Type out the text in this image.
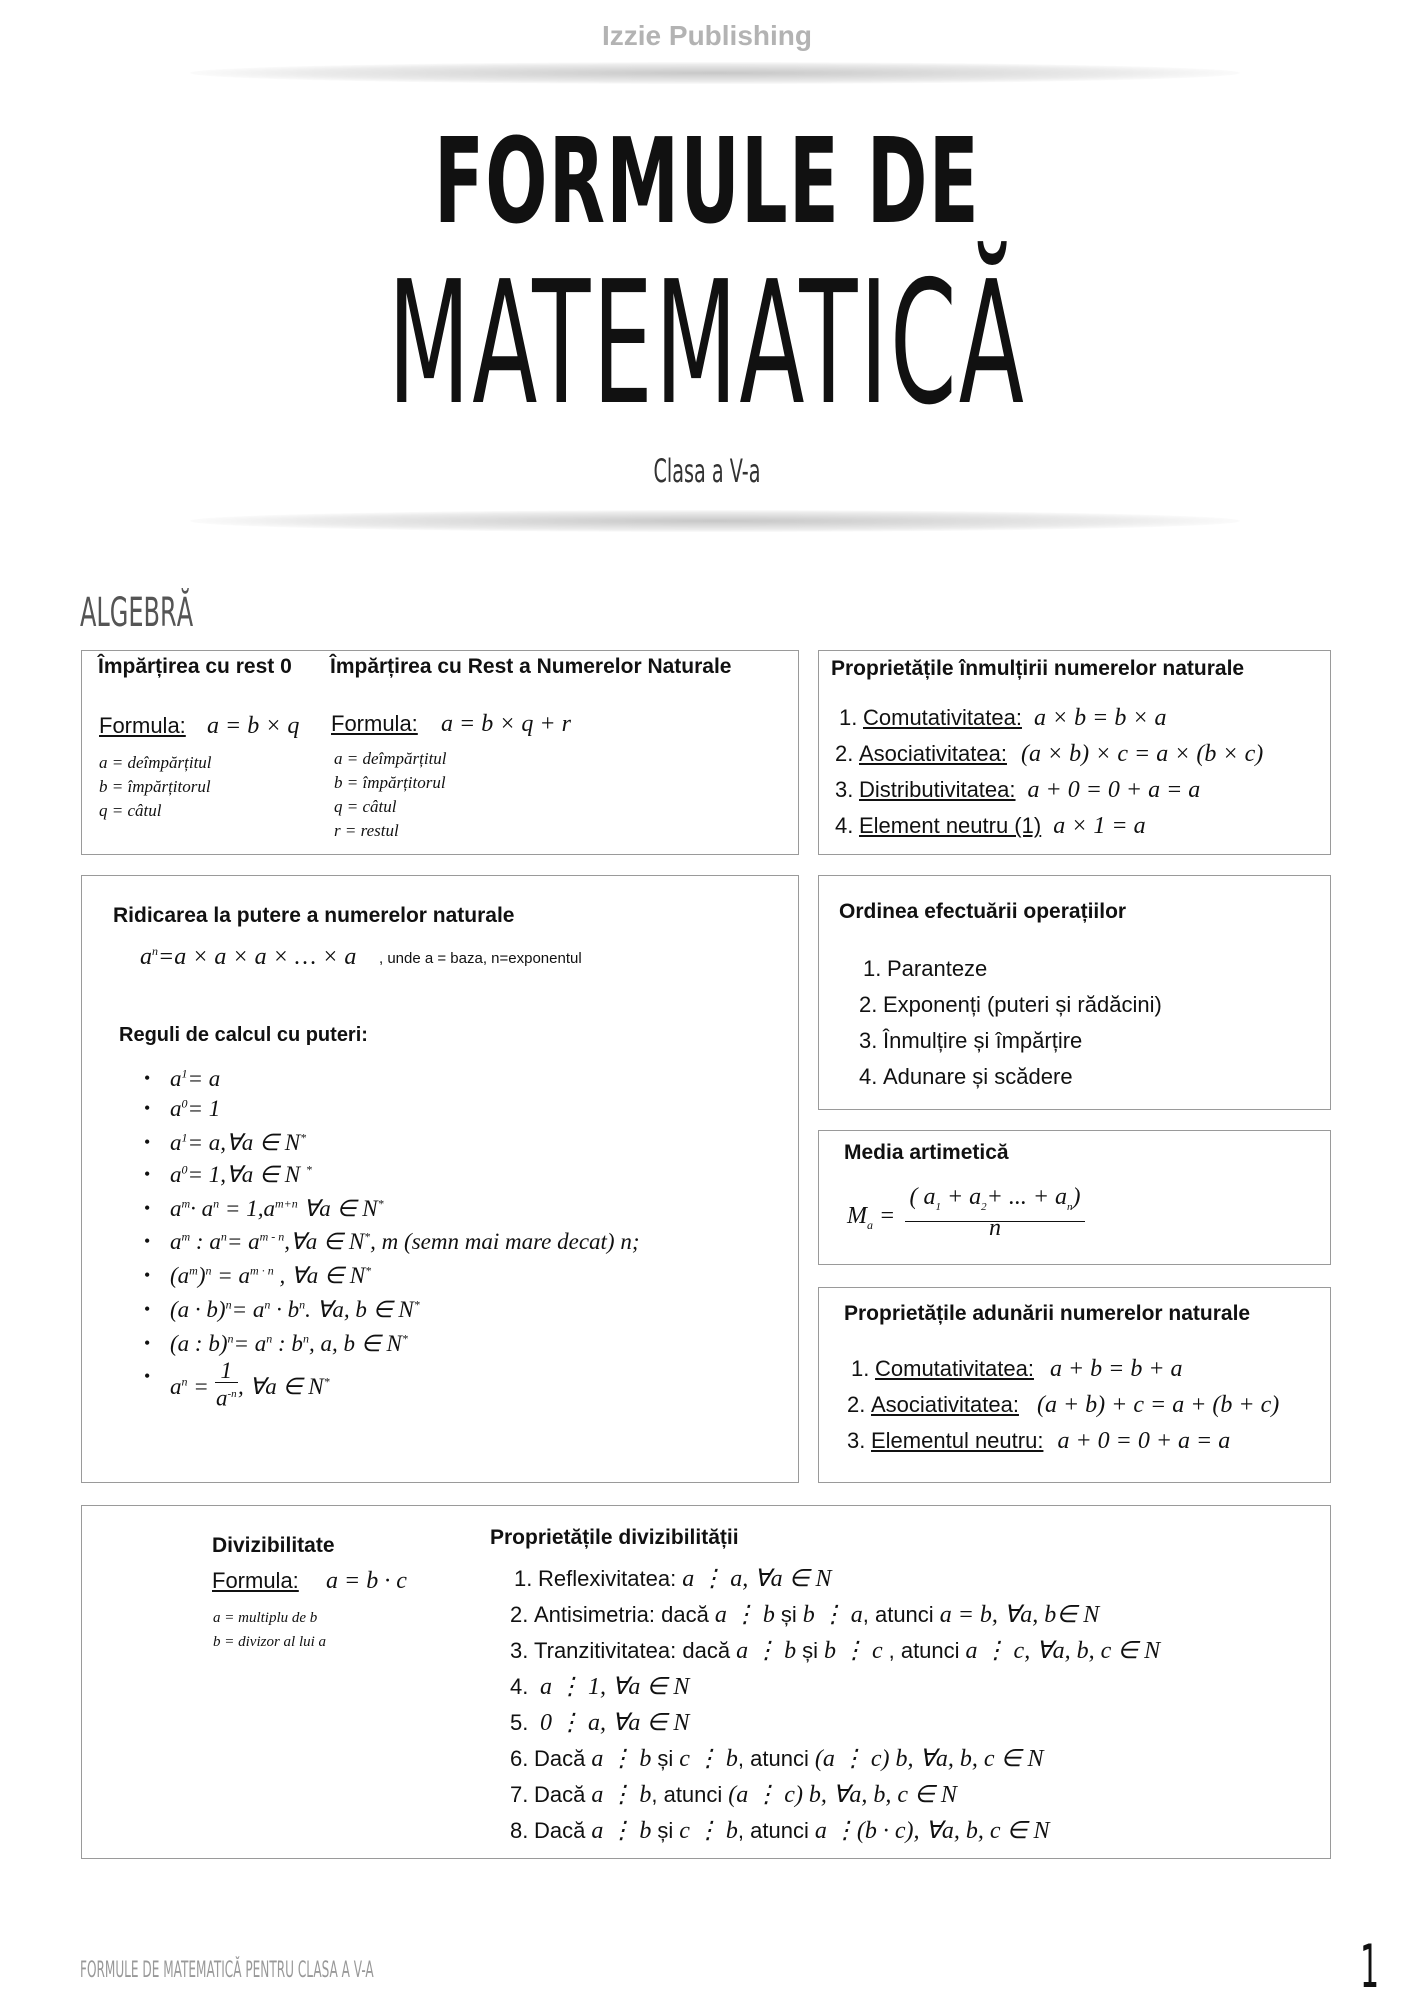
Izzie Publishing
FORMULE DE
MATEMATICĂ
Clasa a V-a
ALGEBRĂ
Împărțirea cu rest 0
Formula: a = b × q
a = deîmpărțitul
b = împărțitorul
q = câtul
Împărțirea cu Rest a Numerelor Naturale
Formula: a = b × q + r
a = deîmpărțitul
b = împărțitorul
q = câtul
r = restul
Proprietățile înmulțirii numerelor naturale
1. Comutativitatea: a × b = b × a
2. Asociativitatea: (a × b) × c = a × (b × c)
3. Distributivitatea: a + 0 = 0 + a = a
4. Element neutru (1) a × 1 = a
Ridicarea la putere a numerelor naturale
$a^n=a \times a \times a$ × … × a , unde a = baza, n=exponentul
Reguli de calcul cu puteri:
• $a^1= a$
• $a^0= 1$
• $a^1=$ a,∀a ∈ N*
• $a^0=$ 1,∀a ∈ N *
• $a^m\cdot a^n = 1,a^{m+n}$ ∀a ∈ N*
• $a^m$ : $a^n=$ $a^{m - n},\forall a$ ∈ N*, m (semn mai mare decat) n;
• $(a^m)^n = a^{m \cdot n}$ , ∀a ∈ N*
• $(a \cdot b)^n= a^n \cdot b^n$. ∀a, b ∈ N*
• (a : $b)^n= a^n$ : $b^n$, a, b ∈ N*
• $a^n = \frac{1}{a^{-n}}$ , ∀a ∈ N*
Ordinea efectuării operațiilor
1. Paranteze
2. Exponenți (puteri și rădăcini)
3. Înmulțire și împărțire
4. Adunare și scădere
Media artimetică
$M_a$ =
( $a_1 + a_2+$ ... + $a_n$)
n
Proprietățile adunării numerelor naturale
1. Comutativitatea: a + b = b + a
2. Asociativitatea: (a + b) + c = a + (b + c)
3. Elementul neutru: a + 0 = 0 + a = a
Divizibilitate
Formula: a = b · c
a = multiplu de b
b = divizor al lui a
Proprietățile divizibilității
1. Reflexivitatea: a ⋮ a, ∀a ∈ N
2. Antisimetria: dacă a ⋮ b și b ⋮ a, atunci a = b, ∀a, b∈ N
3. Tranzitivitatea: dacă a ⋮ b și b ⋮ c , atunci a ⋮ c, ∀a, b, c ∈ N
4. a ⋮ 1, ∀a ∈ N
5. 0 ⋮ a, ∀a ∈ N
6. Dacă a ⋮ b și c ⋮ b, atunci (a ⋮ c) b, ∀a, b, c ∈ N
7. Dacă a ⋮ b, atunci (a ⋮ c) b, ∀a, b, c ∈ N
8. Dacă a ⋮ b și c ⋮ b, atunci a ⋮(b · c), ∀a, b, c ∈ N
FORMULE DE MATEMATICĂ PENTRU CLASA A V-A	1
